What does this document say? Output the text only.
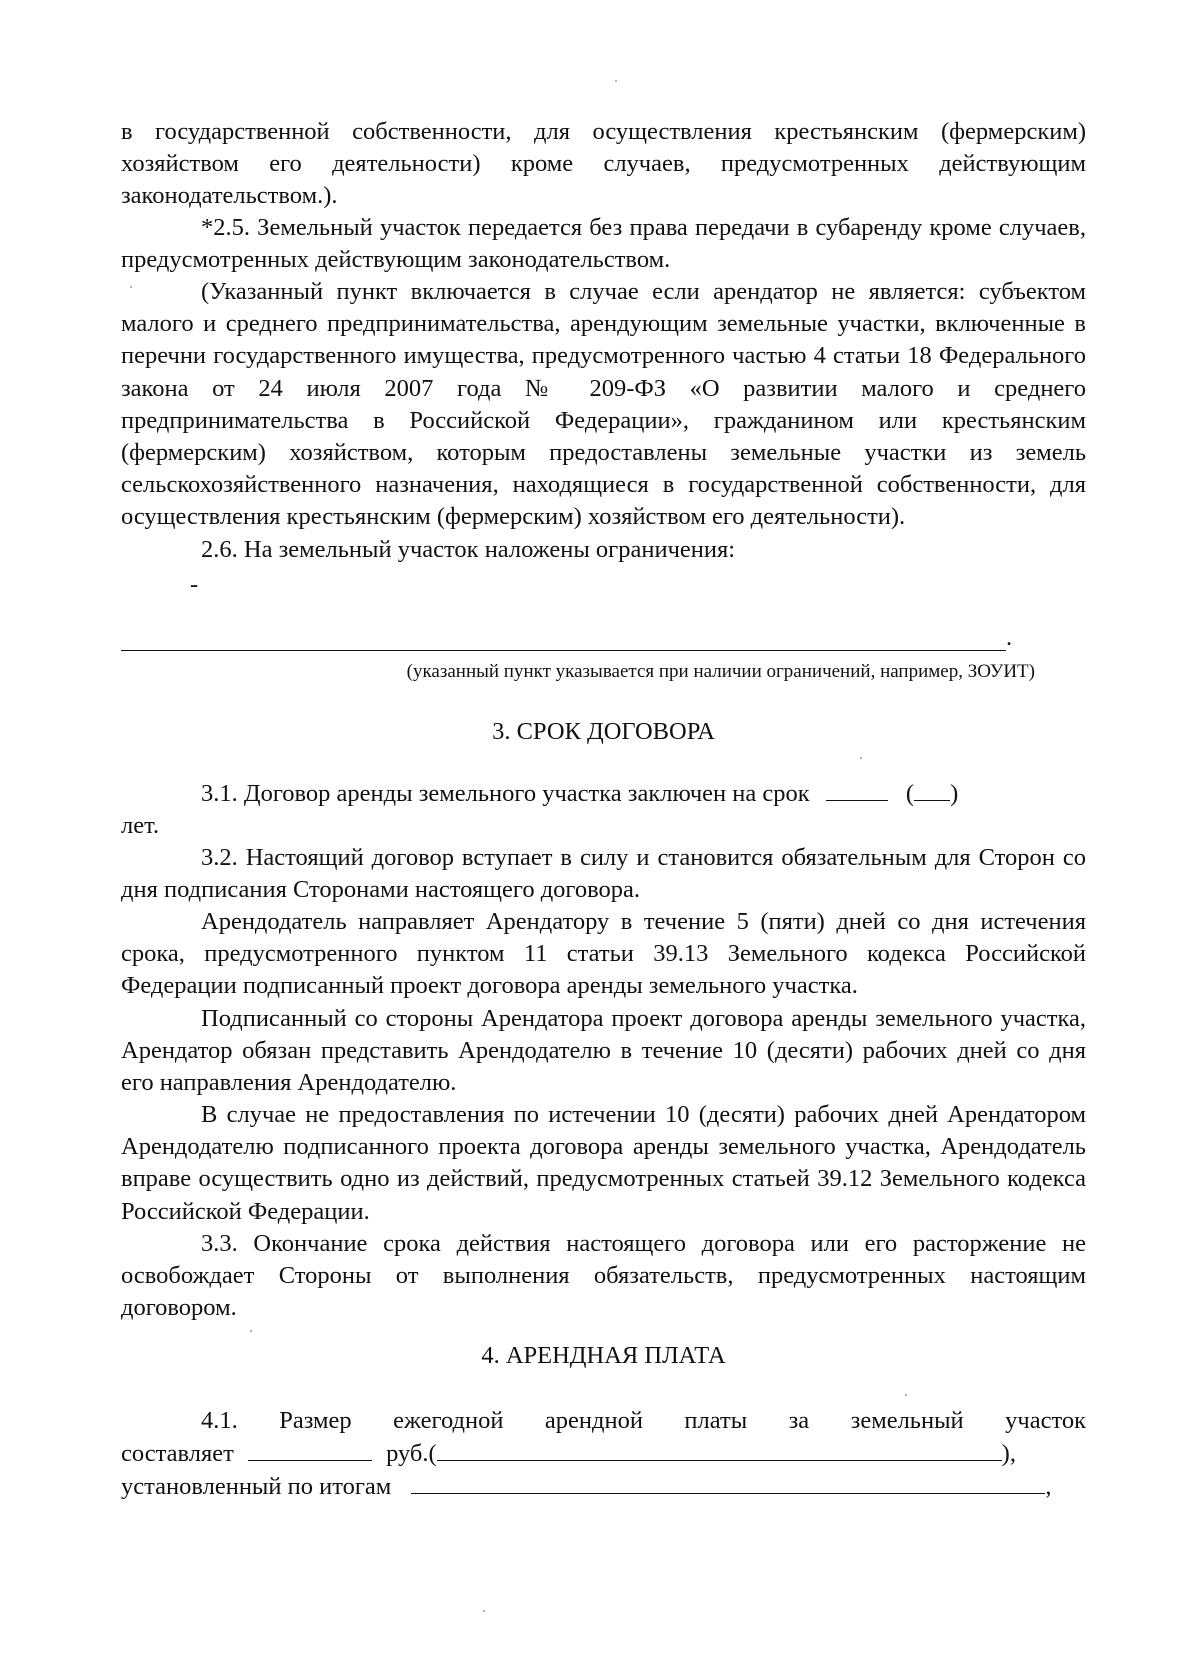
в государственной собственности, для осуществления крестьянским (фермерским) хозяйством его деятельности) кроме случаев, предусмотренных действующим законодательством.).

*2.5. Земельный участок передается без права передачи в субаренду кроме случаев, предусмотренных действующим законодательством.

(Указанный пункт включается в случае если арендатор не является: субъектом малого и среднего предпринимательства, арендующим земельные участки, включенные в перечни государственного имущества, предусмотренного частью 4 статьи 18 Федерального закона от 24 июля 2007 года № 209-ФЗ «О развитии малого и среднего предпринимательства в Российской Федерации», гражданином или крестьянским (фермерским) хозяйством, которым предоставлены земельные участки из земель сельскохозяйственного назначения, находящиеся в государственной собственности, для осуществления крестьянским (фермерским) хозяйством его деятельности).

2.6. На земельный участок наложены ограничения:

-
.

(указанный пункт указывается при наличии ограничений, например, ЗОУИТ)

3. СРОК ДОГОВОРА

3.1. Договор аренды земельного участка заключен на срок	( )
лет.

3.2. Настоящий договор вступает в силу и становится обязательным для Сторон со дня подписания Сторонами настоящего договора.

Арендодатель направляет Арендатору в течение 5 (пяти) дней со дня истечения срока, предусмотренного пунктом 11 статьи 39.13 Земельного кодекса Российской Федерации подписанный проект договора аренды земельного участка.

Подписанный со стороны Арендатора проект договора аренды земельного участка, Арендатор обязан представить Арендодателю в течение 10 (десяти) рабочих дней со дня его направления Арендодателю.

В случае не предоставления по истечении 10 (десяти) рабочих дней Арендатором Арендодателю подписанного проекта договора аренды земельного участка, Арендодатель вправе осуществить одно из действий, предусмотренных статьей 39.12 Земельного кодекса Российской Федерации.

3.3. Окончание срока действия настоящего договора или его расторжение не освобождает Стороны от выполнения обязательств, предусмотренных настоящим договором.

4. АРЕНДНАЯ ПЛАТА

4.1. Размер ежегодной арендной платы за земельный участок

составляет	руб.(	),
установленный по итогам	,
